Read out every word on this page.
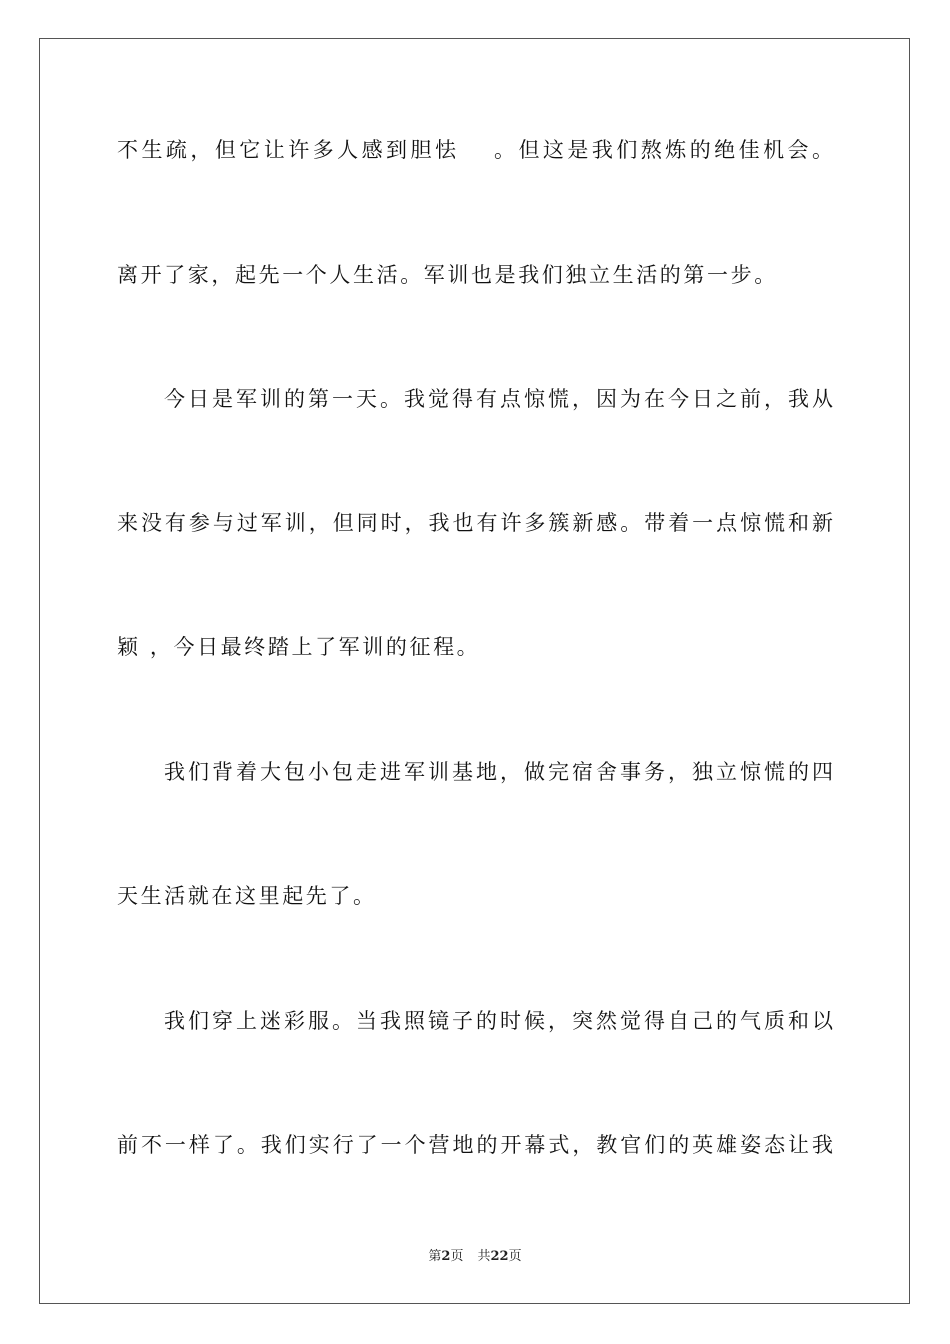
不生疏，但它让许多人感到胆怯　 。但这是我们熬炼的绝佳机会。
离开了家，起先一个人生活。军训也是我们独立生活的第一步。
今日是军训的第一天。我觉得有点惊慌，因为在今日之前，我从
来没有参与过军训，但同时，我也有许多簇新感。带着一点惊慌和新
颖 ，今日最终踏上了军训的征程。
我们背着大包小包走进军训基地，做完宿舍事务，独立惊慌的四
天生活就在这里起先了。
我们穿上迷彩服。当我照镜子的时候，突然觉得自己的气质和以
前不一样了。我们实行了一个营地的开幕式，教官们的英雄姿态让我
第2页 共22页
